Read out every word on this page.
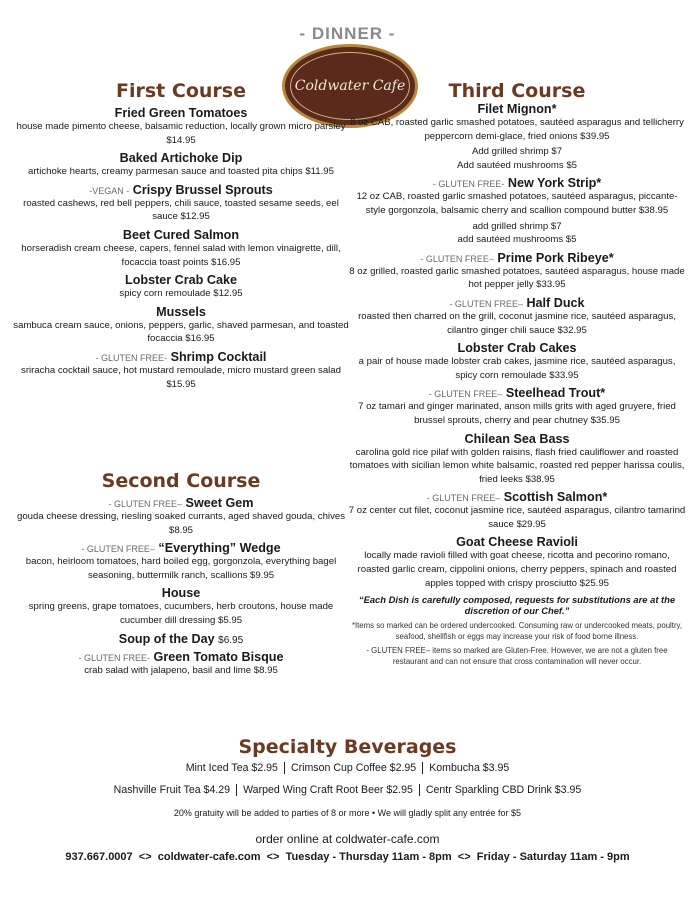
- DINNER -
Coldwater Cafe
First Course
Fried Green Tomatoes
house made pimento cheese, balsamic reduction, locally grown micro parsley $14.95
Baked Artichoke Dip
artichoke hearts, creamy parmesan sauce and toasted pita chips $11.95
-VEGAN - Crispy Brussel Sprouts
roasted cashews, red bell peppers, chili sauce, toasted sesame seeds, eel sauce $12.95
Beet Cured Salmon
horseradish cream cheese, capers, fennel salad with lemon vinaigrette, dill, focaccia toast points $16.95
Lobster Crab Cake
spicy corn remoulade $12.95
Mussels
sambuca cream sauce, onions, peppers, garlic, shaved parmesan, and toasted focaccia $16.95
- GLUTEN FREE- Shrimp Cocktail
sriracha cocktail sauce, hot mustard remoulade, micro mustard green salad $15.95
Second Course
- GLUTEN FREE– Sweet Gem
gouda cheese dressing, riesling soaked currants, aged shaved gouda, chives $8.95
- GLUTEN FREE– “Everything” Wedge
bacon, heirloom tomatoes, hard boiled egg, gorgonzola, everything bagel seasoning, buttermilk ranch, scallions $9.95
House
spring greens, grape tomatoes, cucumbers, herb croutons, house made cucumber dill dressing $5.95
Soup of the Day $6.95
- GLUTEN FREE- Green Tomato Bisque
crab salad with jalapeno, basil and lime $8.95
Third Course
Filet Mignon*
8 oz CAB, roasted garlic smashed potatoes, sautéed asparagus and tellicherry peppercorn demi-glace, fried onions $39.95
Add grilled shrimp $7
Add sautéed mushrooms $5
- GLUTEN FREE- New York Strip*
12 oz CAB, roasted garlic smashed potatoes, sautéed asparagus, piccante-style gorgonzola, balsamic cherry and scallion compound butter $38.95
add grilled shrimp $7
add sautéed mushrooms $5
- GLUTEN FREE– Prime Pork Ribeye*
8 oz grilled, roasted garlic smashed potatoes, sautéed asparagus, house made hot pepper jelly $33.95
- GLUTEN FREE– Half Duck
roasted then charred on the grill, coconut jasmine rice, sautéed asparagus, cilantro ginger chili sauce $32.95
Lobster Crab Cakes
a pair of house made lobster crab cakes, jasmine rice, sautéed asparagus, spicy corn remoulade $33.95
- GLUTEN FREE– Steelhead Trout*
7 oz tamari and ginger marinated, anson mills grits with aged gruyere, fried brussel sprouts, cherry and pear chutney $35.95
Chilean Sea Bass
carolina gold rice pilaf with golden raisins, flash fried cauliflower and roasted tomatoes with sicilian lemon white balsamic, roasted red pepper harissa coulis, fried leeks $38.95
- GLUTEN FREE– Scottish Salmon*
7 oz center cut filet, coconut jasmine rice, sautéed asparagus, cilantro tamarind sauce $29.95
Goat Cheese Ravioli
locally made ravioli filled with goat cheese, ricotta and pecorino romano, roasted garlic cream, cippolini onions, cherry peppers, spinach and roasted apples topped with crispy prosciutto $25.95
“Each Dish is carefully composed, requests for substitutions are at the discretion of our Chef.”
*Items so marked can be ordered undercooked. Consuming raw or undercooked meats, poultry, seafood, shellfish or eggs may increase your risk of food borne illness.
- GLUTEN FREE– items so marked are Gluten-Free. However, we are not a gluten free restaurant and can not ensure that cross contamination will never occur.
Specialty Beverages
Mint Iced Tea $2.95 Crimson Cup Coffee $2.95 Kombucha $3.95
Nashville Fruit Tea $4.29 Warped Wing Craft Root Beer $2.95 Centr Sparkling CBD Drink $3.95
20% gratuity will be added to parties of 8 or more • We will gladly split any entrée for $5
order online at coldwater-cafe.com
937.667.0007 <> coldwater-cafe.com <> Tuesday - Thursday 11am - 8pm <> Friday - Saturday 11am - 9pm
